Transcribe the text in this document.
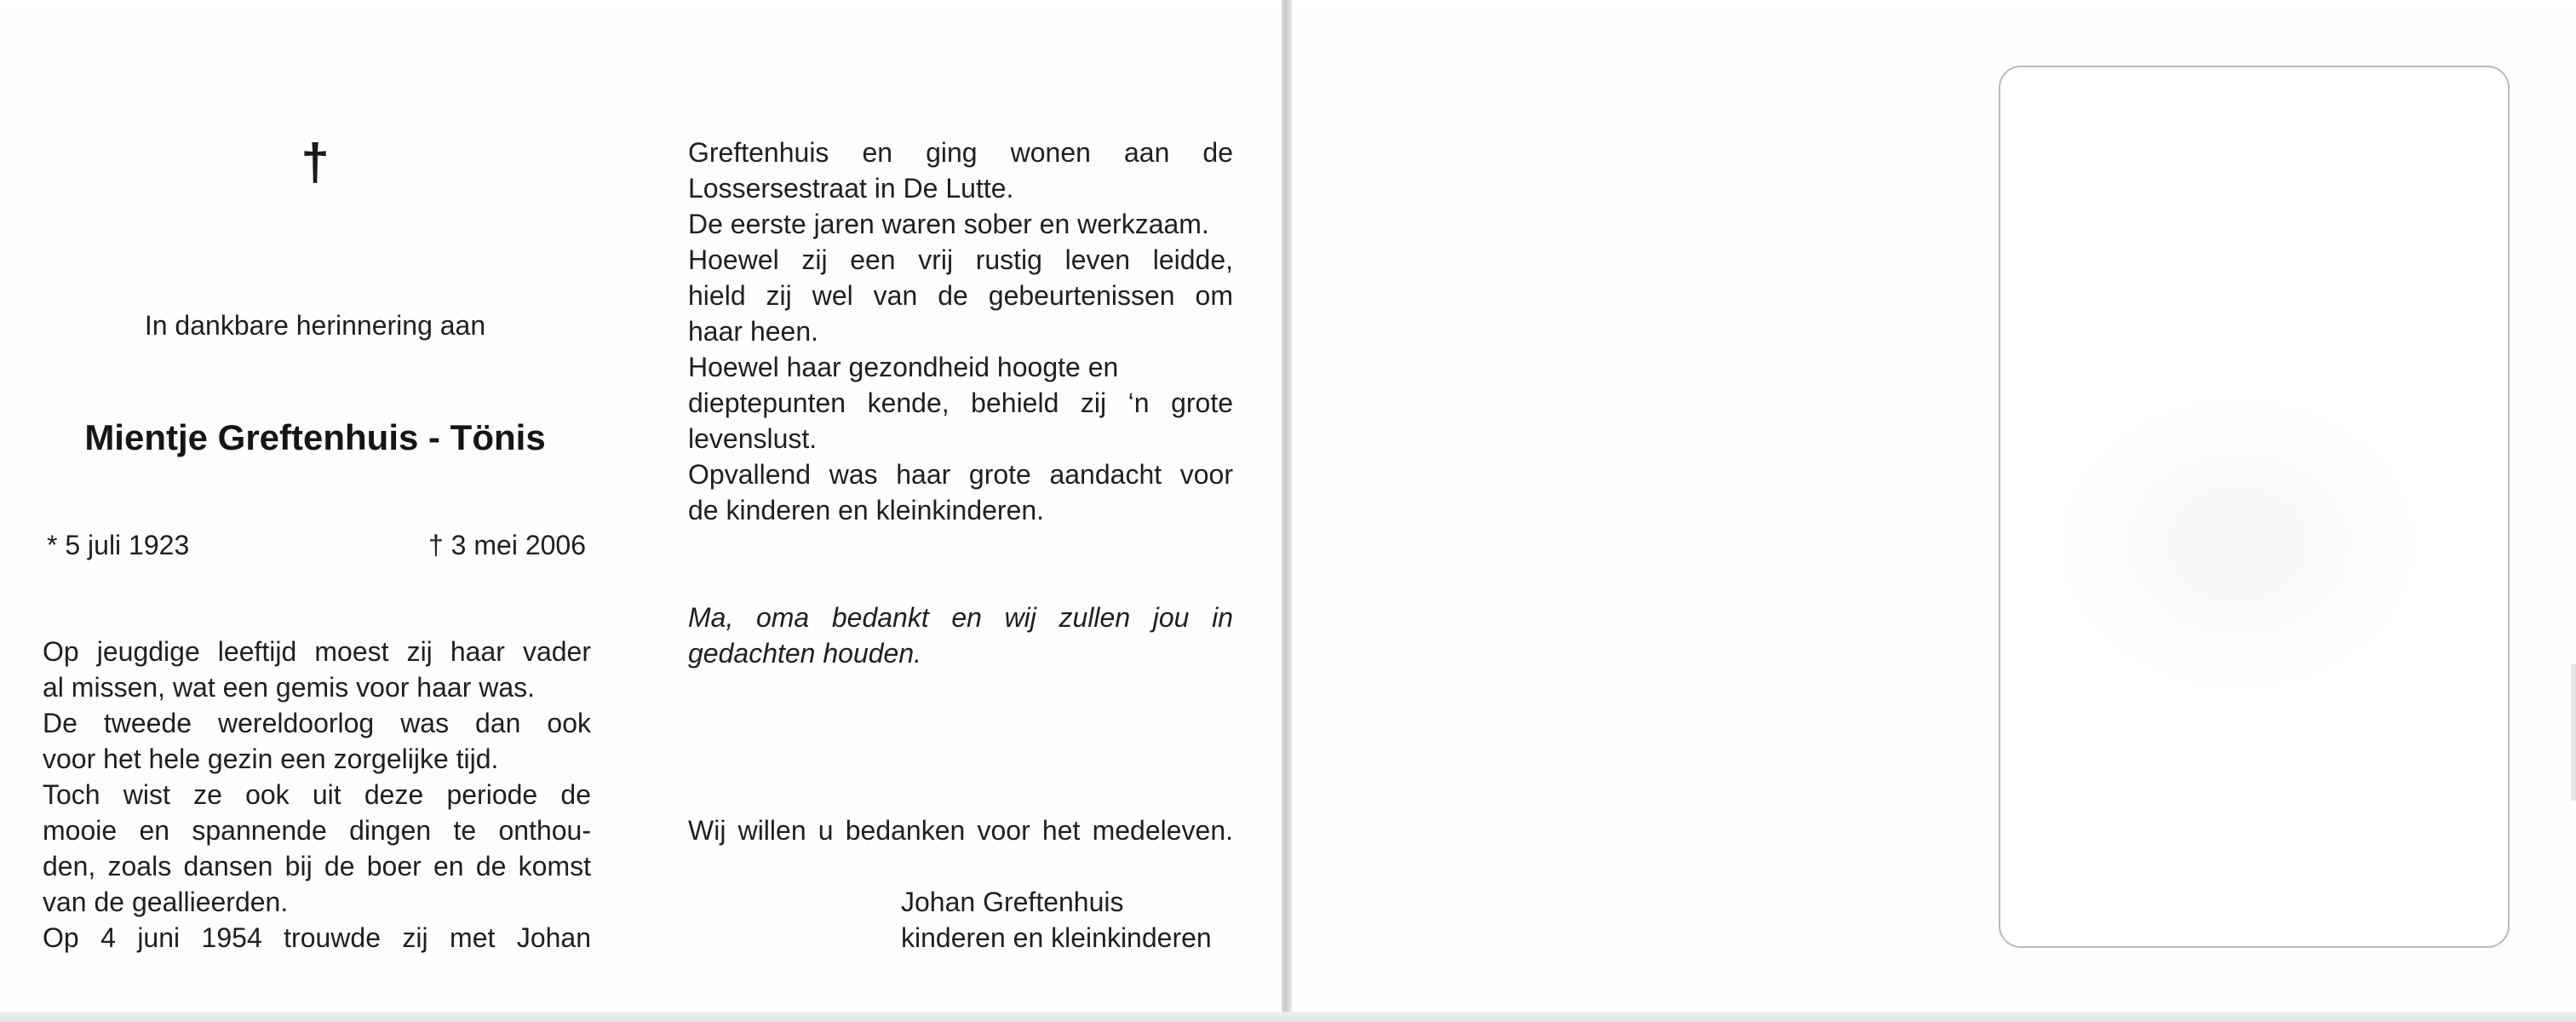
†
In dankbare herinnering aan
Mientje Greftenhuis - Tönis
* 5 juli 1923	† 3 mei 2006
Op jeugdige leeftijd moest zij haar vader
al missen, wat een gemis voor haar was.
De tweede wereldoorlog was dan ook
voor het hele gezin een zorgelijke tijd.
Toch wist ze ook uit deze periode de
mooie en spannende dingen te onthou-
den, zoals dansen bij de boer en de komst
van de geallieerden.
Op 4 juni 1954 trouwde zij met Johan
Greftenhuis en ging wonen aan de
Lossersestraat in De Lutte.
De eerste jaren waren sober en werkzaam.
Hoewel zij een vrij rustig leven leidde,
hield zij wel van de gebeurtenissen om
haar heen.
Hoewel haar gezondheid hoogte en
dieptepunten kende, behield zij ‘n grote
levenslust.
Opvallend was haar grote aandacht voor
de kinderen en kleinkinderen.
Ma, oma bedankt en wij zullen jou in
gedachten houden.
Wij willen u bedanken voor het medeleven.
Johan Greftenhuis
kinderen en kleinkinderen
